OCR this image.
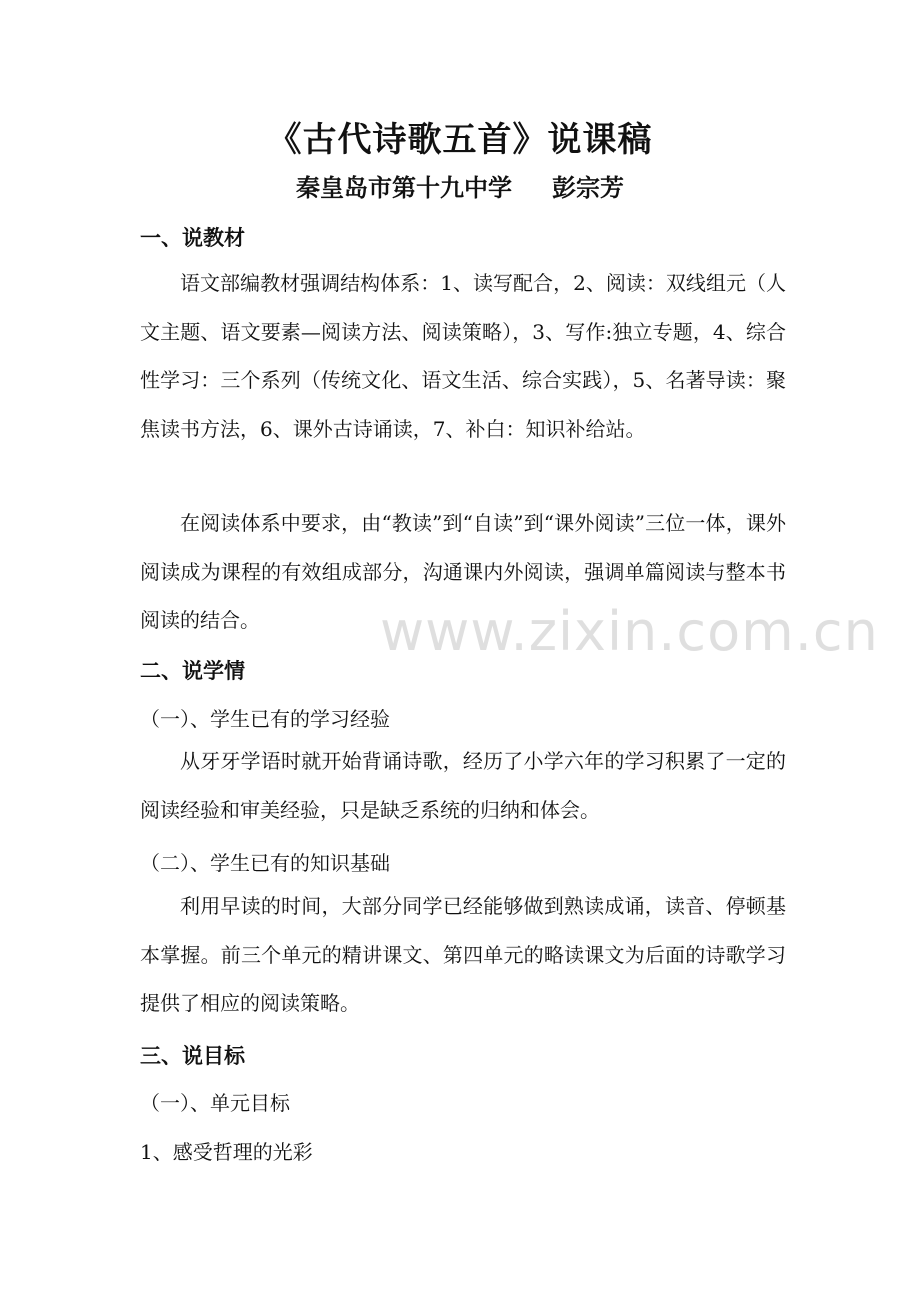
《古代诗歌五首》说课稿
秦皇岛市第十九中学 彭宗芳
一、说教材

语文部编教材强调结构体系：1、读写配合，2、阅读：双线组元（人文主题、语文要素—阅读方法、阅读策略），3、写作:独立专题，4、综合性学习：三个系列（传统文化、语文生活、综合实践），5、名著导读：聚焦读书方法，6、课外古诗诵读，7、补白：知识补给站。

在阅读体系中要求，由“教读”到“自读”到“课外阅读”三位一体，课外阅读成为课程的有效组成部分，沟通课内外阅读，强调单篇阅读与整本书阅读的结合。

二、说学情
（一）、学生已有的学习经验

从牙牙学语时就开始背诵诗歌，经历了小学六年的学习积累了一定的阅读经验和审美经验，只是缺乏系统的归纳和体会。

（二）、学生已有的知识基础

利用早读的时间，大部分同学已经能够做到熟读成诵，读音、停顿基本掌握。前三个单元的精讲课文、第四单元的略读课文为后面的诗歌学习提供了相应的阅读策略。

三、说目标
（一）、单元目标
1、感受哲理的光彩
www.zixin.com.cn
